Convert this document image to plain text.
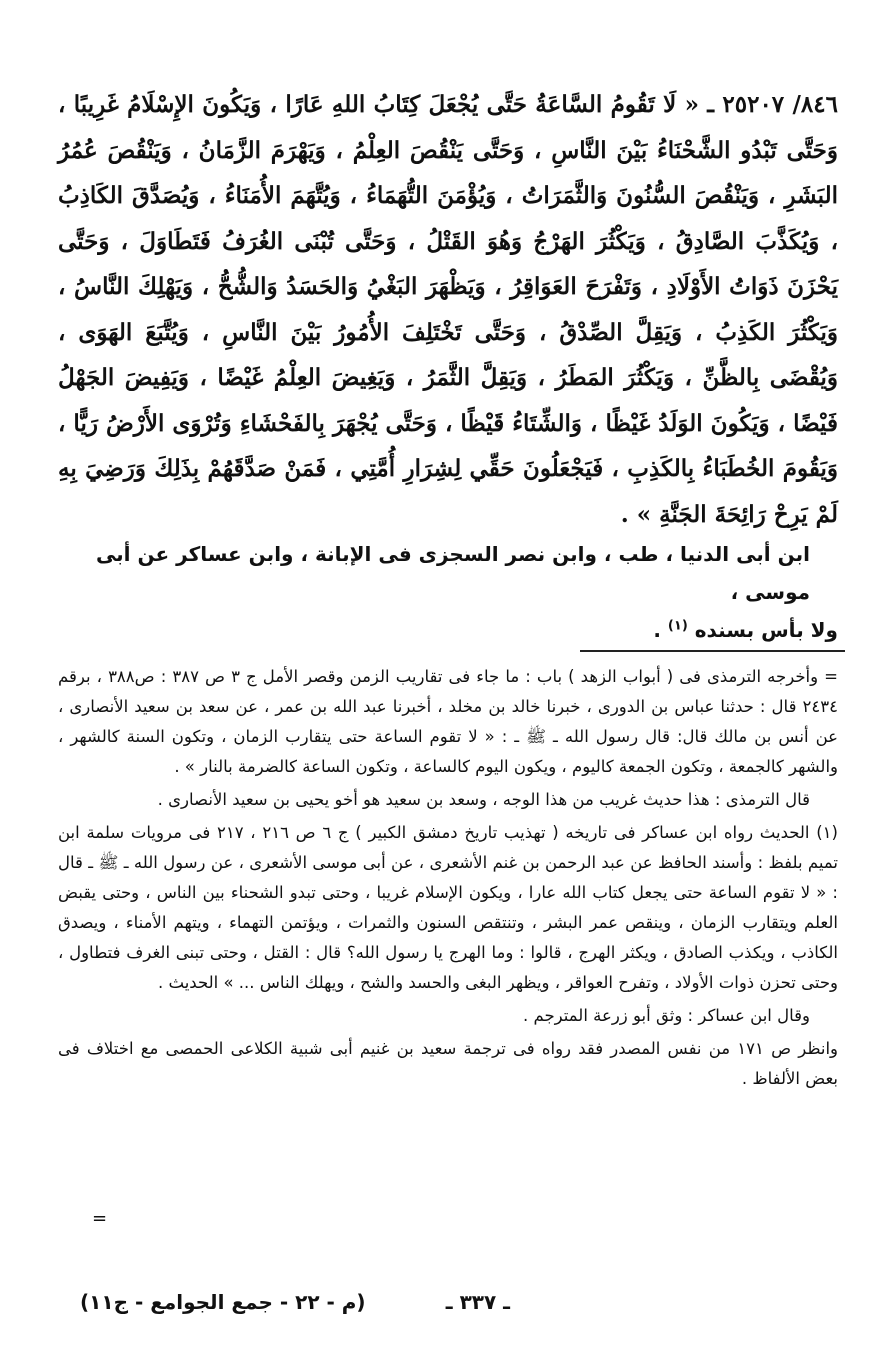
٨٤٦/ ٢٥٢٠٧ ـ « لَا تَقُومُ السَّاعَةُ حَتَّى يُجْعَلَ كِتَابُ اللهِ عَارًا ، وَيَكُونَ الإِسْلَامُ غَرِيبًا ، وَحَتَّى تَبْدُو الشَّحْنَاءُ بَيْنَ النَّاسِ ، وَحَتَّى يَنْقُصَ العِلْمُ ، وَيَهْرَمَ الزَّمَانُ ، وَيَنْقُصَ عُمُرُ البَشَرِ ، وَيَنْقُصَ السُّنُونَ وَالثَّمَرَاتُ ، وَيُؤْمَنَ التُّهَمَاءُ ، وَيُتَّهَمَ الأُمَنَاءُ ، وَيُصَدَّقَ الكَاذِبُ ، وَيُكَذَّبَ الصَّادِقُ ، وَيَكْثُرَ الهَرْجُ وَهُوَ القَتْلُ ، وَحَتَّى تُبْنَى الغُرَفُ فَتَطَاوَلَ ، وَحَتَّى يَحْزَنَ ذَوَاتُ الأَوْلَادِ ، وَتَفْرَحَ العَوَاقِرُ ، وَيَظْهَرَ البَغْيُ وَالحَسَدُ وَالشُّحُّ ، وَيَهْلِكَ النَّاسُ ، وَيَكْثُرَ الكَذِبُ ، وَيَقِلَّ الصِّدْقُ ، وَحَتَّى تَخْتَلِفَ الأُمُورُ بَيْنَ النَّاسِ ، وَيُتَّبَعَ الهَوَى ، وَيُقْضَى بِالظَّنِّ ، وَيَكْثُرَ المَطَرُ ، وَيَقِلَّ الثَّمَرُ ، وَيَغِيضَ العِلْمُ غَيْضًا ، وَيَفِيضَ الجَهْلُ فَيْضًا ، وَيَكُونَ الوَلَدُ غَيْظًا ، وَالشِّتَاءُ قَيْظًا ، وَحَتَّى يُجْهَرَ بِالفَحْشَاءِ وَتُرْوَى الأَرْضُ رَيًّا ، وَيَقُومَ الخُطَبَاءُ بِالكَذِبِ ، فَيَجْعَلُونَ حَقِّي لِشِرَارِ أُمَّتِي ، فَمَنْ صَدَّقَهُمْ بِذَلِكَ وَرَضِيَ بِهِ لَمْ يَرِحْ رَائِحَةَ الجَنَّةِ » .

ابن أبى الدنيا ، طب ، وابن نصر السجزى فى الإبانة ، وابن عساكر عن أبى موسى ،

ولا بأس بسنده $^{(١)}$ .

= وأخرجه الترمذى فى ( أبواب الزهد ) باب : ما جاء فى تقاريب الزمن وقصر الأمل ج ٣ ص ٣٨٧ : ص٣٨٨ ، برقم ٢٤٣٤ قال : حدثنا عباس بن الدورى ، خبرنا خالد بن مخلد ، أخبرنا عبد الله بن عمر ، عن سعد بن سعيد الأنصارى ، عن أنس بن مالك قال: قال رسول الله ـ ﷺ ـ : « لا تقوم الساعة حتى يتقارب الزمان ، وتكون السنة كالشهر ، والشهر كالجمعة ، وتكون الجمعة كاليوم ، ويكون اليوم كالساعة ، وتكون الساعة كالضرمة بالنار » .

قال الترمذى : هذا حديث غريب من هذا الوجه ، وسعد بن سعيد هو أخو يحيى بن سعيد الأنصارى .

(١) الحديث رواه ابن عساكر فى تاريخه ( تهذيب تاريخ دمشق الكبير ) ج ٦ ص ٢١٦ ، ٢١٧ فى مرويات سلمة ابن تميم بلفظ : وأسند الحافظ عن عبد الرحمن بن غنم الأشعرى ، عن أبى موسى الأشعرى ، عن رسول الله ـ ﷺ ـ قال : « لا تقوم الساعة حتى يجعل كتاب الله عارا ، ويكون الإسلام غريبا ، وحتى تبدو الشحناء بين الناس ، وحتى يقبض العلم ويتقارب الزمان ، وينقص عمر البشر ، وتنتقص السنون والثمرات ، ويؤتمن التهماء ، ويتهم الأمناء ، ويصدق الكاذب ، ويكذب الصادق ، ويكثر الهرج ، قالوا : وما الهرج يا رسول الله؟ قال : القتل ، وحتى تبنى الغرف فتطاول ، وحتى تحزن ذوات الأولاد ، وتفرح العواقر ، ويظهر البغى والحسد والشح ، ويهلك الناس ... » الحديث .

وقال ابن عساكر : وثق أبو زرعة المترجم .

وانظر ص ١٧١ من نفس المصدر فقد رواه فى ترجمة سعيد بن غنيم أبى شبية الكلاعى الحمصى مع اختلاف فى بعض الألفاظ .

=
ـ ٣٣٧ ـ
(م - ٢٢ - جمع الجوامع - ج١١)
